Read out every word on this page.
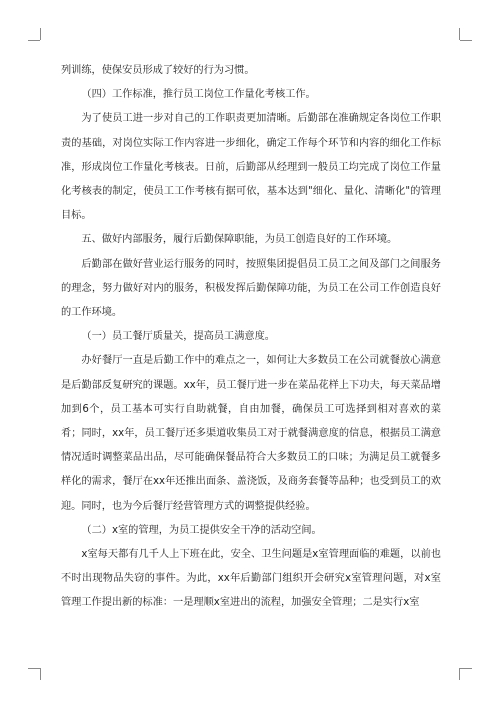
列训练，使保安员形成了较好的行为习惯。

（四）工作标准，推行员工岗位工作量化考核工作。

为了使员工进一步对自己的工作职责更加清晰。后勤部在准确规定各岗位工作职责的基础，对岗位实际工作内容进一步细化，确定工作每个环节和内容的细化工作标准，形成岗位工作量化考核表。日前，后勤部从经理到一般员工均完成了岗位工作量化考核表的制定，使员工工作考核有据可依，基本达到"细化、量化、清晰化"的管理目标。

五、做好内部服务，履行后勤保障职能，为员工创造良好的工作环境。

后勤部在做好营业运行服务的同时，按照集团提倡员工员工之间及部门之间服务的理念，努力做好对内的服务，积极发挥后勤保障功能，为员工在公司工作创造良好的工作环境。

（一）员工餐厅质量关，提高员工满意度。

办好餐厅一直是后勤工作中的难点之一，如何让大多数员工在公司就餐放心满意是后勤部反复研究的课题。xx年，员工餐厅进一步在菜品花样上下功夫，每天菜品增加到6个，员工基本可实行自助就餐，自由加餐，确保员工可选择到相对喜欢的菜肴；同时，xx年，员工餐厅还多渠道收集员工对于就餐满意度的信息，根据员工满意情况适时调整菜品出品，尽可能确保餐品符合大多数员工的口味；为满足员工就餐多样化的需求，餐厅在xx年还推出面条、盖浇饭，及商务套餐等品种；也受到员工的欢迎。同时，也为今后餐厅经营管理方式的调整提供经验。

（二）x室的管理，为员工提供安全干净的活动空间。

x室每天都有几千人上下班在此，安全、卫生问题是x室管理面临的难题，以前也不时出现物品失窃的事件。为此，xx年后勤部门组织开会研究x室管理问题，对x室管理工作提出新的标准：一是理顺x室进出的流程，加强安全管理；二是实行x室
